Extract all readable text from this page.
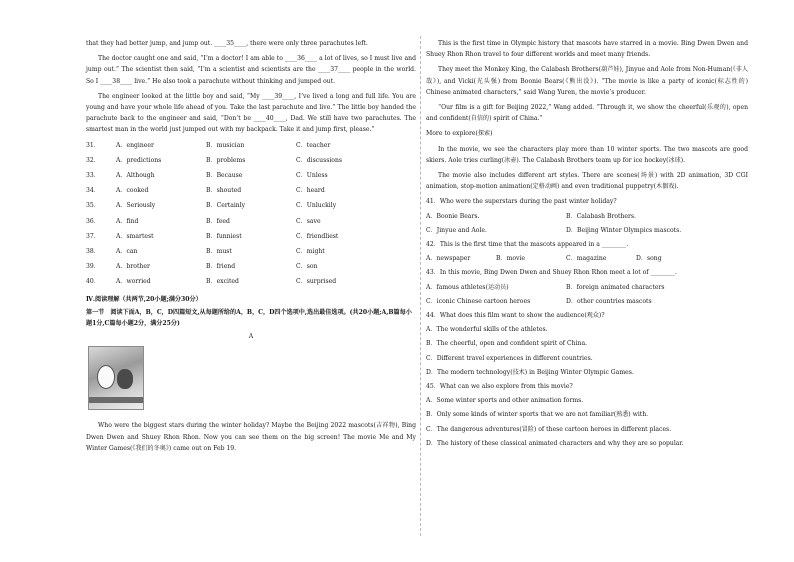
that they had better jump, and jump out. ____35____, there were only three parachutes left.

The doctor caught one and said, “I’m a doctor! I am able to ____36____ a lot of lives, so I must live and jump out.” The scientist then said, “I’m a scientist and scientists are the ____37____ people in the world. So I ____38____ live.” He also took a parachute without thinking and jumped out.

The engineer looked at the little boy and said, “My ____39____, I’ve lived a long and full life. You are young and have your whole life ahead of you. Take the last parachute and live.” The little boy handed the parachute back to the engineer and said, “Don’t be ____40____, Dad. We still have two parachutes. The smartest man in the world just jumped out with my backpack. Take it and jump first, please.”

31．	A．engineer	B．musician	C．teacher
32．	A．predictions	B．problems	C．discussions
33．	A．Although	B．Because	C．Unless
34．	A．cooked	B．shouted	C．heard
35．	A．Seriously	B．Certainly	C．Unluckily
36．	A．find	B．feed	C．save
37．	A．smartest	B．funniest	C．friendliest
38．	A．can	B．must	C．might
39．	A．brother	B．friend	C．son
40．	A．worried	B．excited	C．surprised
Ⅳ.阅读理解（共两节,20小题;满分30分）
第一节　阅读下面A，B，C，D四篇短文,从每题所给的A，B，C，D四个选项中,选出最佳选项。(共20小题;A,B篇每小题1分,C篇每小题2分，满分25分)
A

Who were the biggest stars during the winter holiday? Maybe the Beijing 2022 mascots(吉祥物), Bing Dwen Dwen and Shuey Rhon Rhon. Now you can see them on the big screen! The movie Me and My Winter Games(《我们的冬奥》) came out on Feb 19.

This is the first time in Olympic history that mascots have starred in a movie. Bing Dwen Dwen and Shuey Rhon Rhon travel to four different worlds and meet many friends.

They meet the Monkey King, the Calabash Brothers(葫芦娃), Jinyue and Aole from Non-Human(《非人哉》), and Vicki(光头强) from Boonie Bears(《熊出没》). “The movie is like a party of iconic(标志性的) Chinese animated characters,” said Wang Yuren, the movie’s producer.

“Our film is a gift for Beijing 2022,” Wang added. “Through it, we show the cheerful(乐观的), open and confident(自信的) spirit of China.”

More to explore(探索)

In the movie, we see the characters play more than 10 winter sports. The two mascots are good skiers. Aole tries curling(冰壶). The Calabash Brothers team up for ice hockey(冰球).

The movie also includes different art styles. There are scenes(场景) with 2D animation, 3D CGI animation, stop-motion animation(定格动画) and even traditional puppetry(木偶戏).

41．Who were the superstars during the past winter holiday?
A．Boonie Bears.	B．Calabash Brothers.
C．Jinyue and Aole.	D．Beijing Winter Olympics mascots.
42．This is the first time that the mascots appeared in a ________.
A．newspaper	B．movie	C．magazine	D．song
43．In this movie, Bing Dwen Dwen and Shuey Rhon Rhon meet a lot of ________.
A．famous athletes(运动员)	B．foreign animated characters
C．iconic Chinese cartoon heroes	D．other countries mascots
44．What does this film want to show the audience(观众)?
A．The wonderful skills of the athletes.
B．The cheerful, open and confident spirit of China.
C．Different travel experiences in different countries.
D．The modern technology(技术) in Beijing Winter Olympic Games.
45．What can we also explore from this movie?
A．Some winter sports and other animation forms.
B．Only some kinds of winter sports that we are not familiar(熟悉) with.
C．The dangerous adventures(冒险) of these cartoon heroes in different places.
D．The history of these classical animated characters and why they are so popular.
